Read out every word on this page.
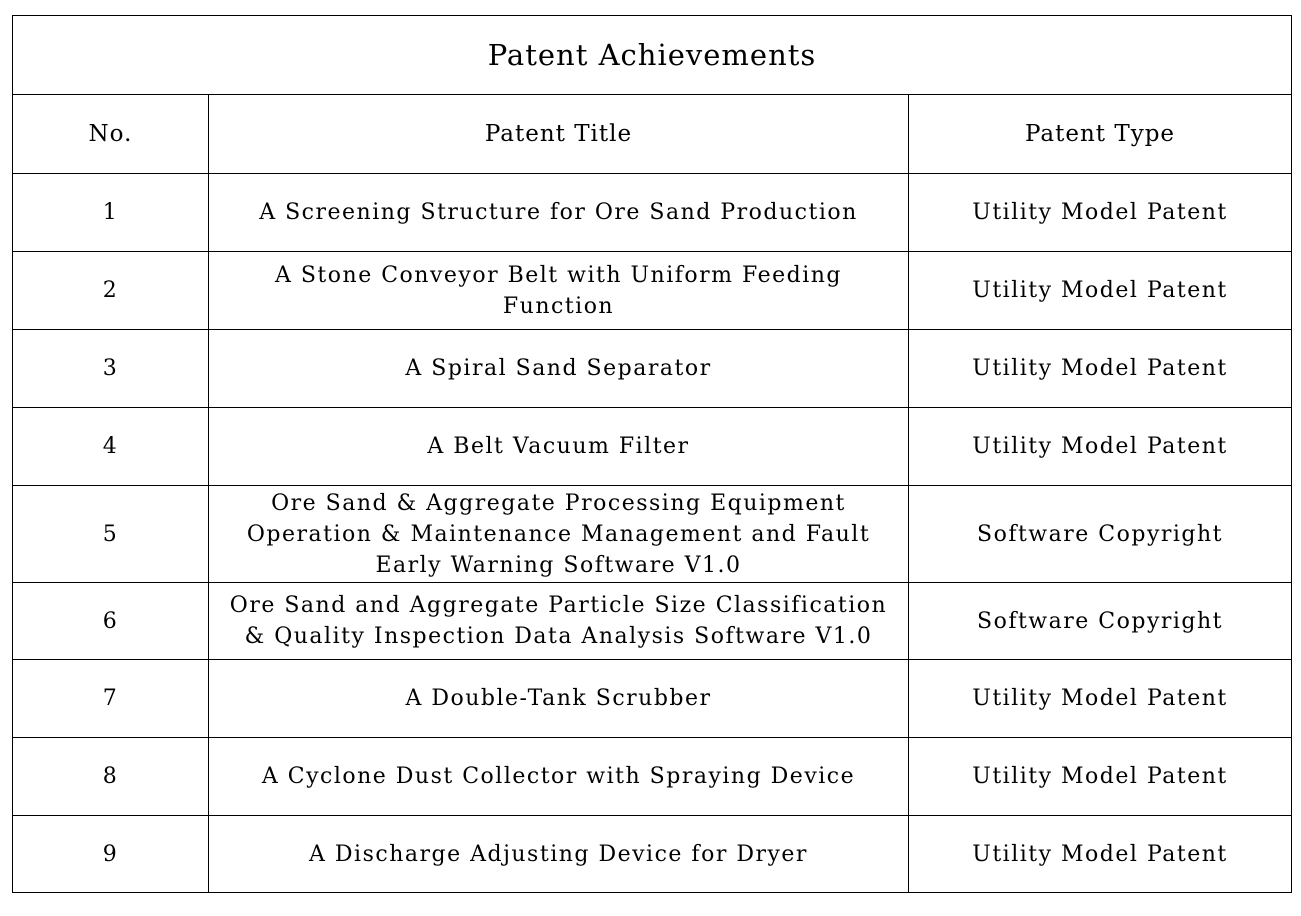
Patent Achievements		
No.	Patent Title	Patent Type
1	A Screening Structure for Ore Sand Production	Utility Model Patent
2	A Stone Conveyor Belt with Uniform Feeding Function	Utility Model Patent
3	A Spiral Sand Separator	Utility Model Patent
4	A Belt Vacuum Filter	Utility Model Patent
5	Ore Sand & Aggregate Processing Equipment Operation & Maintenance Management and Fault Early Warning Software V1.0	Software Copyright
6	Ore Sand and Aggregate Particle Size Classification & Quality Inspection Data Analysis Software V1.0	Software Copyright
7	A Double-Tank Scrubber	Utility Model Patent
8	A Cyclone Dust Collector with Spraying Device	Utility Model Patent
9	A Discharge Adjusting Device for Dryer	Utility Model Patent
